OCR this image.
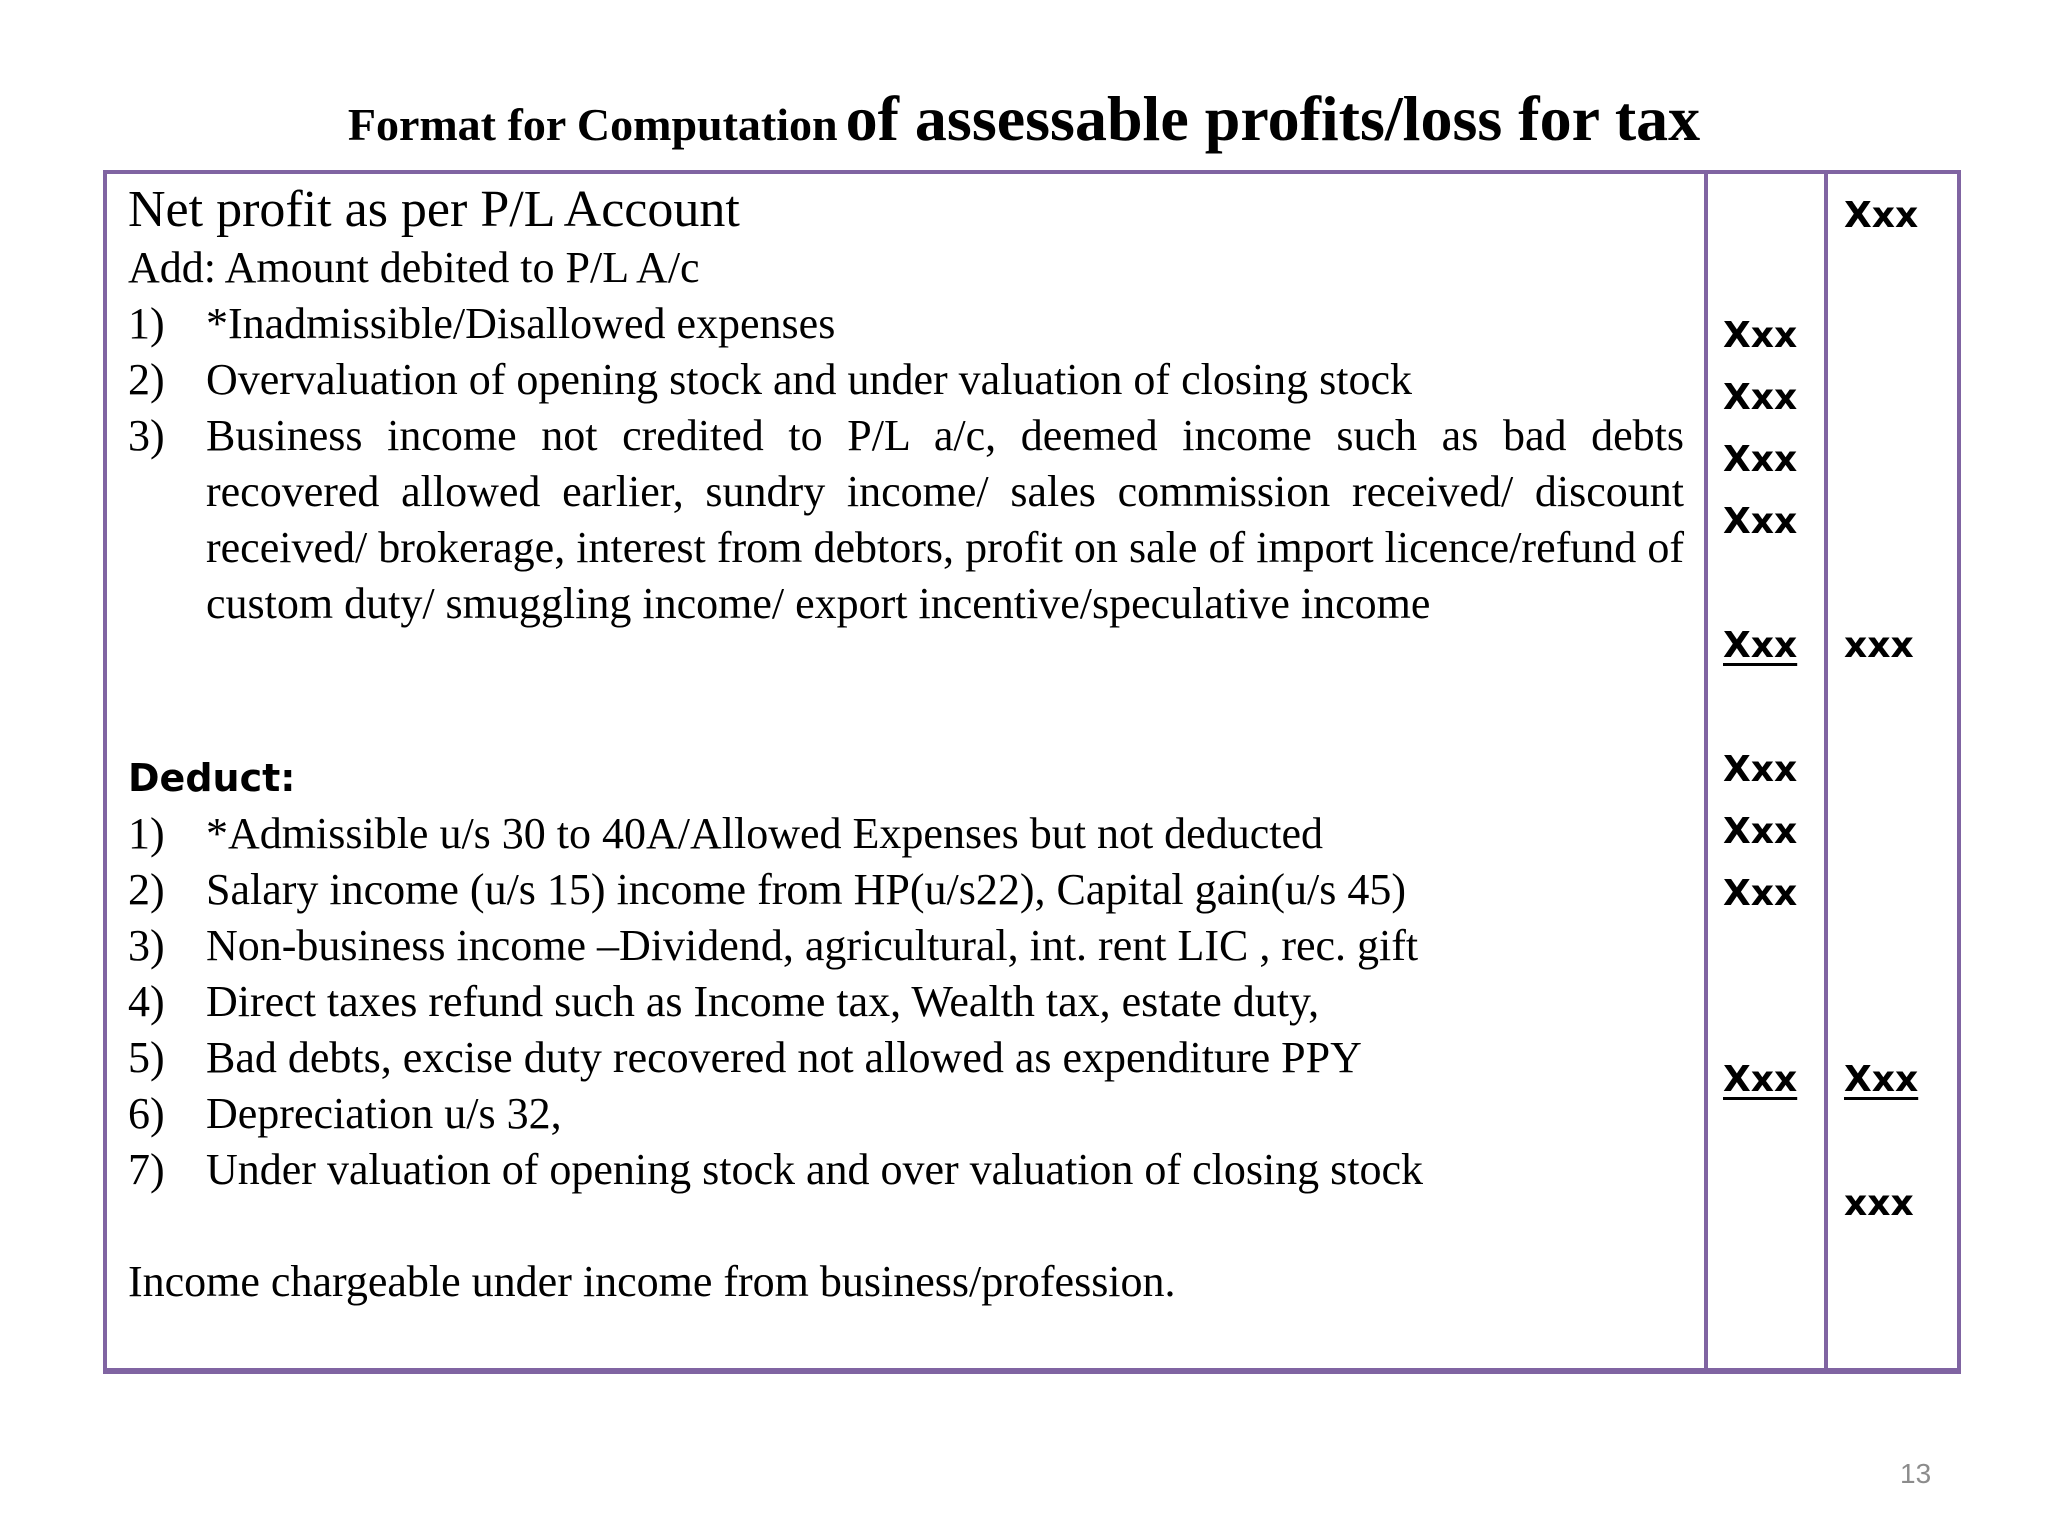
Format for Computation of assessable profits/loss for tax
Net profit as per P/L Account
Add: Amount debited to P/L A/c
1) *Inadmissible/Disallowed expenses
2) Overvaluation of opening stock and under valuation of closing stock
3) Business income not credited to P/L a/c, deemed income such as bad debts recovered allowed earlier, sundry income/ sales commission received/ discount received/ brokerage, interest from debtors, profit on sale of import licence/refund of custom duty/ smuggling income/ export incentive/speculative income
Deduct:
1) *Admissible u/s 30 to 40A/Allowed Expenses but not deducted
2) Salary income (u/s 15) income from HP(u/s22), Capital gain(u/s 45)
3) Non-business income –Dividend, agricultural, int. rent LIC , rec. gift
4) Direct taxes refund such as Income tax, Wealth tax, estate duty,
5) Bad debts, excise duty recovered not allowed as expenditure PPY
6) Depreciation u/s 32,
7) Under valuation of opening stock and over valuation of closing stock
Income chargeable under income from business/profession.
Xxx
Xxx
Xxx
Xxx
Xxx
Xxx
Xxx
Xxx
Xxx
Xxx
xxx
Xxx
xxx
13
